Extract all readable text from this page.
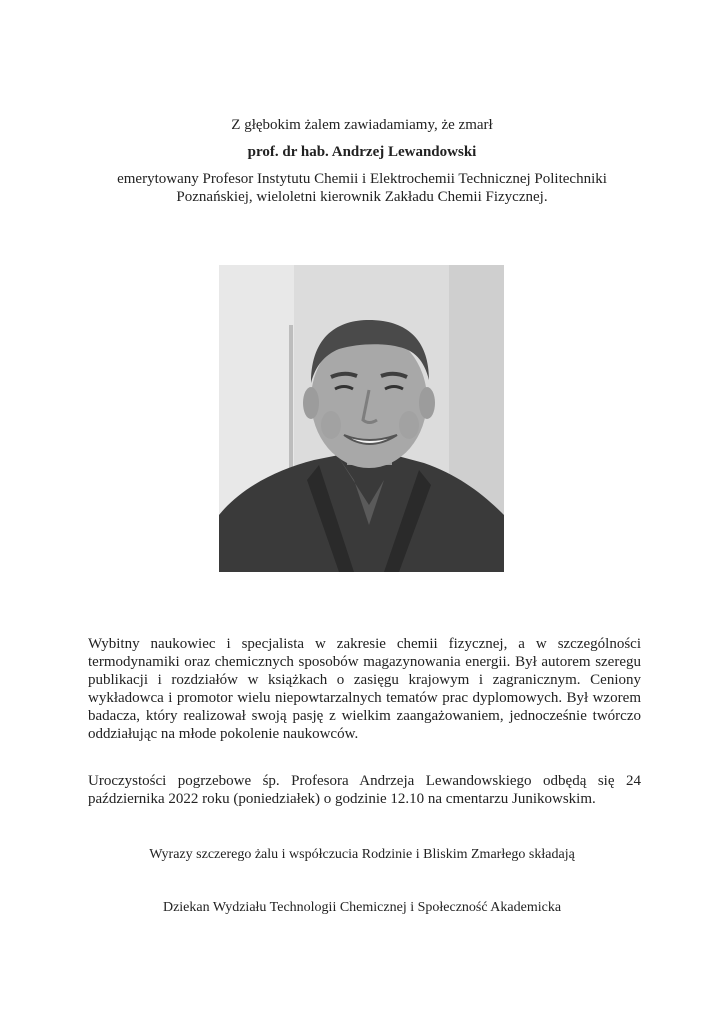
Z głębokim żalem zawiadamiamy, że zmarł
prof. dr hab. Andrzej Lewandowski
emerytowany Profesor Instytutu Chemii i Elektrochemii Technicznej Politechniki
Poznańskiej, wieloletni kierownik Zakładu Chemii Fizycznej.
Wybitny naukowiec i specjalista w zakresie chemii fizycznej, a w szczególności termodynamiki oraz chemicznych sposobów magazynowania energii. Był autorem szeregu publikacji i rozdziałów w książkach o zasięgu krajowym i zagranicznym. Ceniony wykładowca i promotor wielu niepowtarzalnych tematów prac dyplomowych. Był wzorem badacza, który realizował swoją pasję z wielkim zaangażowaniem, jednocześnie twórczo oddziałując na młode pokolenie naukowców.
Uroczystości pogrzebowe śp. Profesora Andrzeja Lewandowskiego odbędą się 24 października 2022 roku (poniedziałek) o godzinie 12.10 na cmentarzu Junikowskim.
Wyrazy szczerego żalu i współczucia Rodzinie i Bliskim Zmarłego składają
Dziekan Wydziału Technologii Chemicznej i Społeczność Akademicka
